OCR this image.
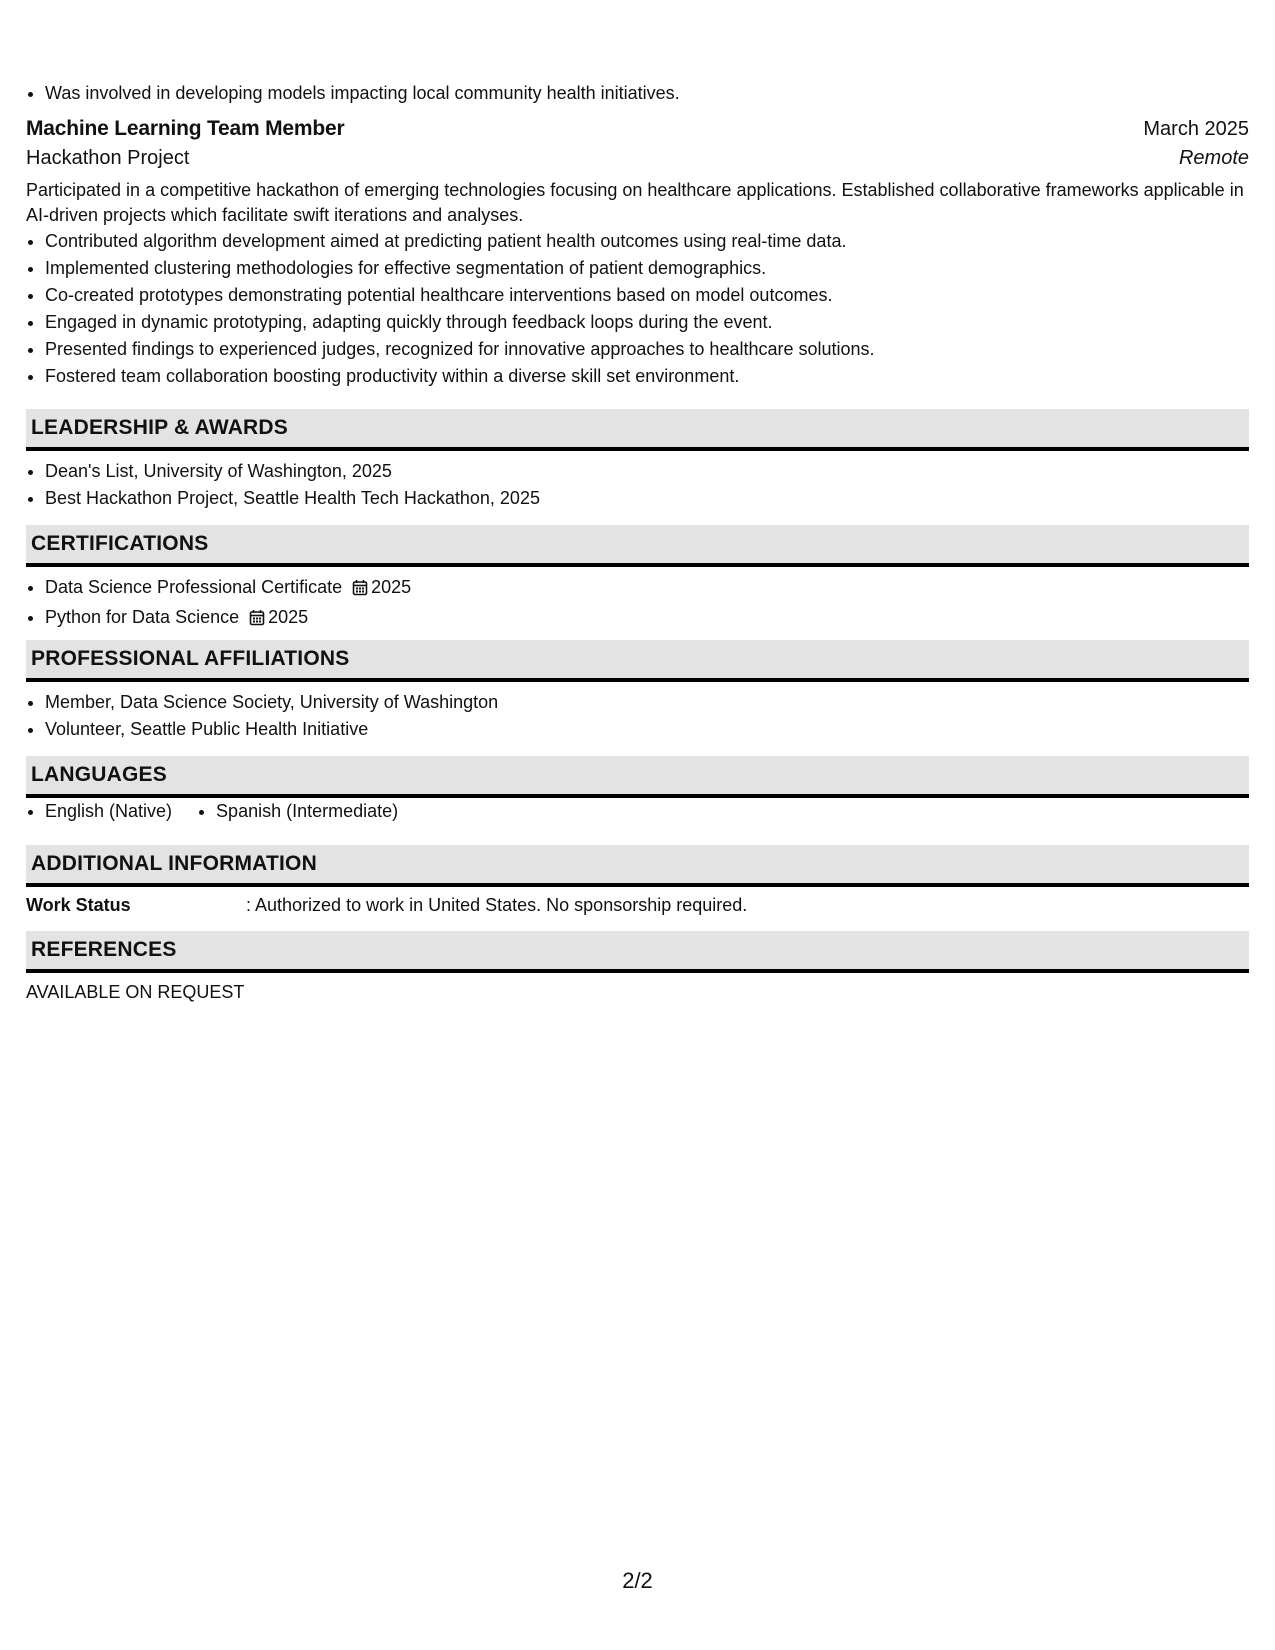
• Was involved in developing models impacting local community health initiatives.
Machine Learning Team Member	March 2025
Hackathon Project	Remote
Participated in a competitive hackathon of emerging technologies focusing on healthcare applications. Established collaborative frameworks applicable in AI-driven projects which facilitate swift iterations and analyses.
• Contributed algorithm development aimed at predicting patient health outcomes using real-time data.
• Implemented clustering methodologies for effective segmentation of patient demographics.
• Co-created prototypes demonstrating potential healthcare interventions based on model outcomes.
• Engaged in dynamic prototyping, adapting quickly through feedback loops during the event.
• Presented findings to experienced judges, recognized for innovative approaches to healthcare solutions.
• Fostered team collaboration boosting productivity within a diverse skill set environment.
LEADERSHIP & AWARDS
• Dean's List, University of Washington, 2025
• Best Hackathon Project, Seattle Health Tech Hackathon, 2025
CERTIFICATIONS
• Data Science Professional Certificate 2025
• Python for Data Science 2025
PROFESSIONAL AFFILIATIONS
• Member, Data Science Society, University of Washington
• Volunteer, Seattle Public Health Initiative
LANGUAGES
• English (Native)
• Spanish (Intermediate)
ADDITIONAL INFORMATION
Work Status	: Authorized to work in United States. No sponsorship required.
REFERENCES
AVAILABLE ON REQUEST
2/2
